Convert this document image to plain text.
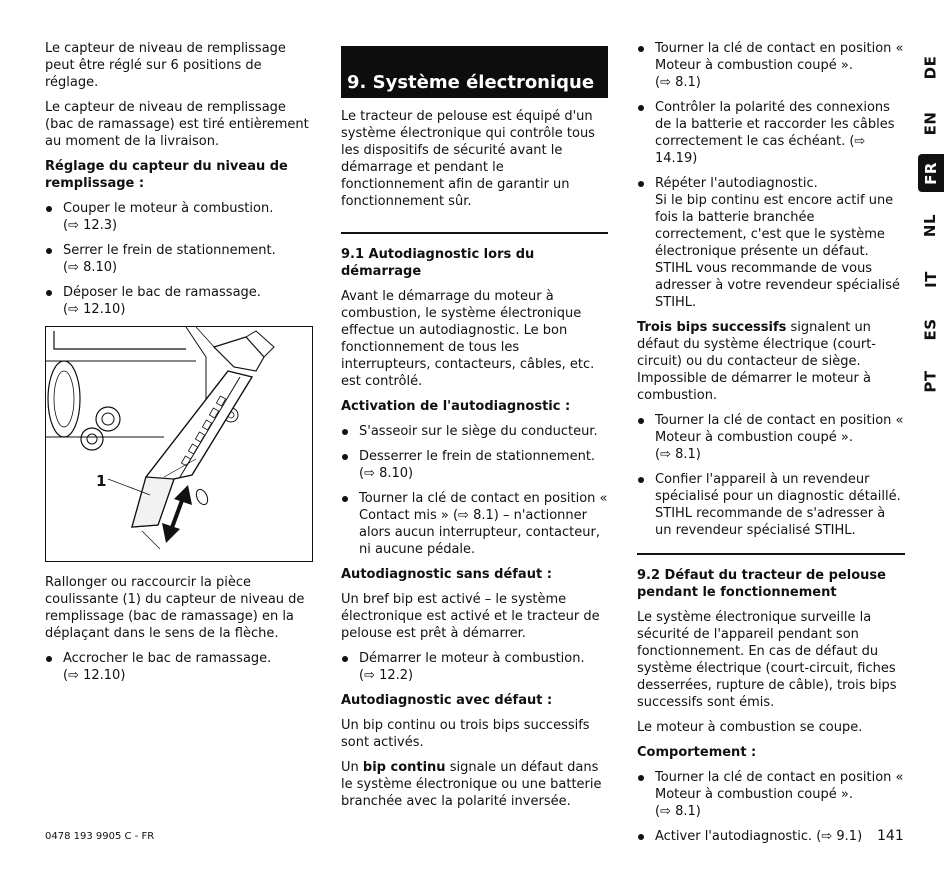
Le capteur de niveau de remplissage peut être réglé sur 6 positions de réglage.

Le capteur de niveau de remplissage (bac de ramassage) est tiré entièrement au moment de la livraison.

Réglage du capteur du niveau de remplissage :
Couper le moteur à combustion.
(⇨ 12.3)
Serrer le frein de stationnement.
(⇨ 8.10)
Déposer le bac de ramassage.
(⇨ 12.10)
1

Rallonger ou raccourcir la pièce coulissante (1) du capteur de niveau de remplissage (bac de ramassage) en la déplaçant dans le sens de la flèche.

Accrocher le bac de ramassage.
(⇨ 12.10)
9. Système électronique

Le tracteur de pelouse est équipé d'un système électronique qui contrôle tous les dispositifs de sécurité avant le démarrage et pendant le fonctionnement afin de garantir un fonctionnement sûr.

9.1 Autodiagnostic lors du démarrage

Avant le démarrage du moteur à combustion, le système électronique effectue un autodiagnostic. Le bon fonctionnement de tous les interrupteurs, contacteurs, câbles, etc. est contrôlé.

Activation de l'autodiagnostic :
S'asseoir sur le siège du conducteur.
Desserrer le frein de stationnement.
(⇨ 8.10)
Tourner la clé de contact en position « Contact mis » (⇨ 8.1) – n'actionner alors aucun interrupteur, contacteur, ni aucune pédale.
Autodiagnostic sans défaut :

Un bref bip est activé – le système électronique est activé et le tracteur de pelouse est prêt à démarrer.

Démarrer le moteur à combustion.
(⇨ 12.2)
Autodiagnostic avec défaut :

Un bip continu ou trois bips successifs sont activés.

Un bip continu signale un défaut dans le système électronique ou une batterie branchée avec la polarité inversée.

Tourner la clé de contact en position « Moteur à combustion coupé ».
(⇨ 8.1)
Contrôler la polarité des connexions de la batterie et raccorder les câbles correctement le cas échéant. (⇨ 14.19)
Répéter l'autodiagnostic.
Si le bip continu est encore actif une fois la batterie branchée correctement, c'est que le système électronique présente un défaut. STIHL vous recommande de vous adresser à votre revendeur spécialisé STIHL.

Trois bips successifs signalent un défaut du système électrique (court-circuit) ou du contacteur de siège. Impossible de démarrer le moteur à combustion.

Tourner la clé de contact en position « Moteur à combustion coupé ».
(⇨ 8.1)
Confier l'appareil à un revendeur spécialisé pour un diagnostic détaillé. STIHL recommande de s'adresser à un revendeur spécialisé STIHL.
9.2 Défaut du tracteur de pelouse pendant le fonctionnement

Le système électronique surveille la sécurité de l'appareil pendant son fonctionnement. En cas de défaut du système électrique (court-circuit, fiches desserrées, rupture de câble), trois bips successifs sont émis.

Le moteur à combustion se coupe.

Comportement :
Tourner la clé de contact en position « Moteur à combustion coupé ».
(⇨ 8.1)
Activer l'autodiagnostic. (⇨ 9.1)
DE
EN
FR
NL
IT
ES
PT
0478 193 9905 C - FR	141
